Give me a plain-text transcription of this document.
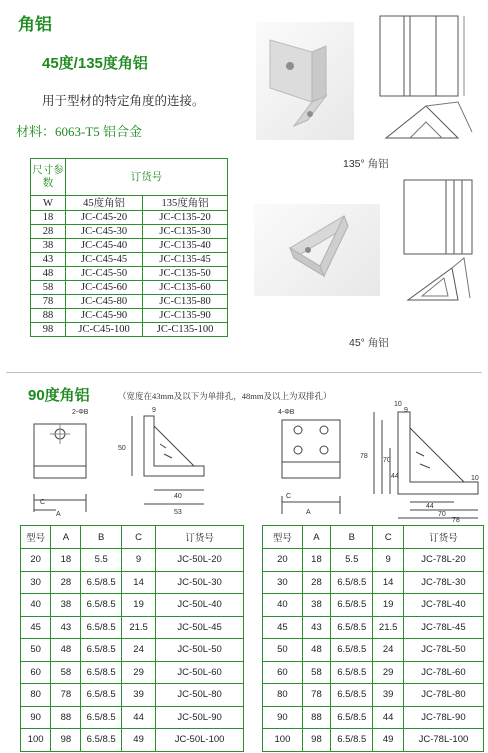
角铝
45度/135度角铝
用于型材的特定角度的连接。
材料：6063-T5 铝合金
135° 角铝
45° 角铝
尺寸参数	订货号	
W	45度角铝	135度角铝
18	JC-C45-20	JC-C135-20
28	JC-C45-30	JC-C135-30
38	JC-C45-40	JC-C135-40
43	JC-C45-45	JC-C135-45
48	JC-C45-50	JC-C135-50
58	JC-C45-60	JC-C135-60
78	JC-C45-80	JC-C135-80
88	JC-C45-90	JC-C135-90
98	JC-C45-100	JC-C135-100
90度角铝	（宽度在43mm及以下为单排孔，48mm及以上为双排孔）
2-ΦB
C
A
9
50
40
53
4-ΦB
C
A
10
9
78
70
44	10
44
70
78
型号	A	B	C	订货号
20	18	5.5	9	JC-50L-20
30	28	6.5/8.5	14	JC-50L-30
40	38	6.5/8.5	19	JC-50L-40
45	43	6.5/8.5	21.5	JC-50L-45
50	48	6.5/8.5	24	JC-50L-50
60	58	6.5/8.5	29	JC-50L-60
80	78	6.5/8.5	39	JC-50L-80
90	88	6.5/8.5	44	JC-50L-90
100	98	6.5/8.5	49	JC-50L-100
型号	A	B	C	订货号
20	18	5.5	9	JC-78L-20
30	28	6.5/8.5	14	JC-78L-30
40	38	6.5/8.5	19	JC-78L-40
45	43	6.5/8.5	21.5	JC-78L-45
50	48	6.5/8.5	24	JC-78L-50
60	58	6.5/8.5	29	JC-78L-60
80	78	6.5/8.5	39	JC-78L-80
90	88	6.5/8.5	44	JC-78L-90
100	98	6.5/8.5	49	JC-78L-100
